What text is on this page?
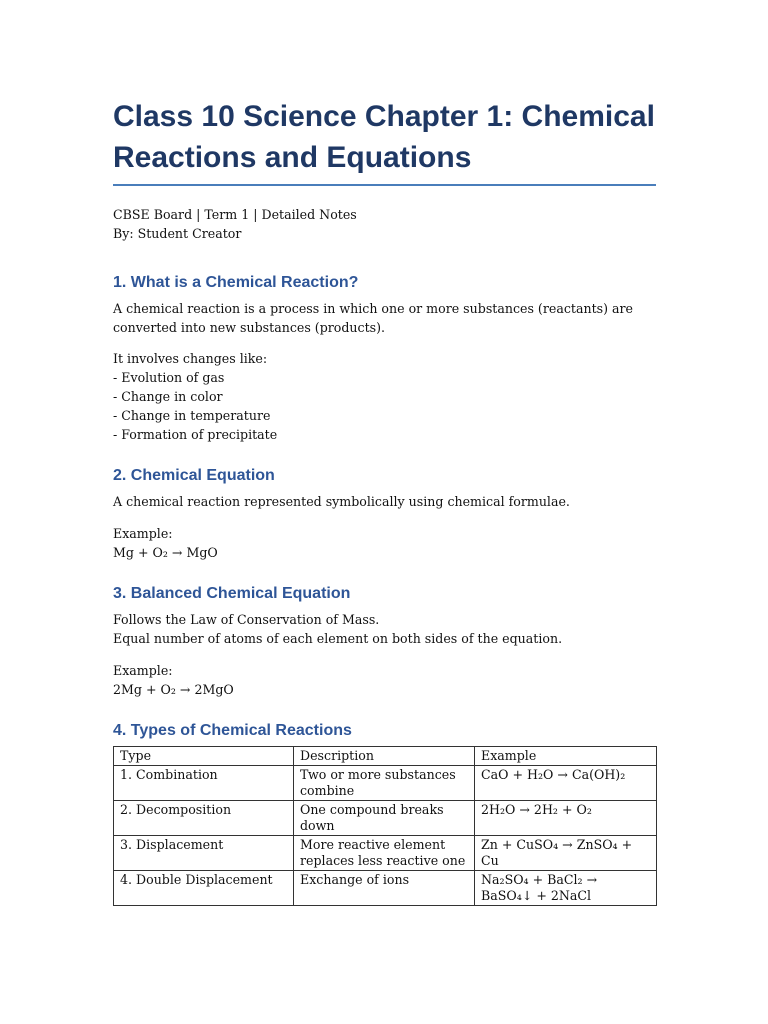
Class 10 Science Chapter 1: Chemical Reactions and Equations
CBSE Board | Term 1 | Detailed Notes
By: Student Creator
1. What is a Chemical Reaction?

A chemical reaction is a process in which one or more substances (reactants) are converted into new substances (products).

It involves changes like:

- Evolution of gas
- Change in color
- Change in temperature
- Formation of precipitate
2. Chemical Equation

A chemical reaction represented symbolically using chemical formulae.

Example:

Mg + O₂ → MgO

3. Balanced Chemical Equation

Follows the Law of Conservation of Mass.

Equal number of atoms of each element on both sides of the equation.

Example:

2Mg + O₂ → 2MgO

4. Types of Chemical Reactions
Type	Description	Example
1. Combination	Two or more substances combine	CaO + H₂O → Ca(OH)₂
2. Decomposition	One compound breaks down	2H₂O → 2H₂ + O₂
3. Displacement	More reactive element replaces less reactive one	Zn + CuSO₄ → ZnSO₄ + Cu
4. Double Displacement	Exchange of ions	Na₂SO₄ + BaCl₂ → BaSO₄↓ + 2NaCl
